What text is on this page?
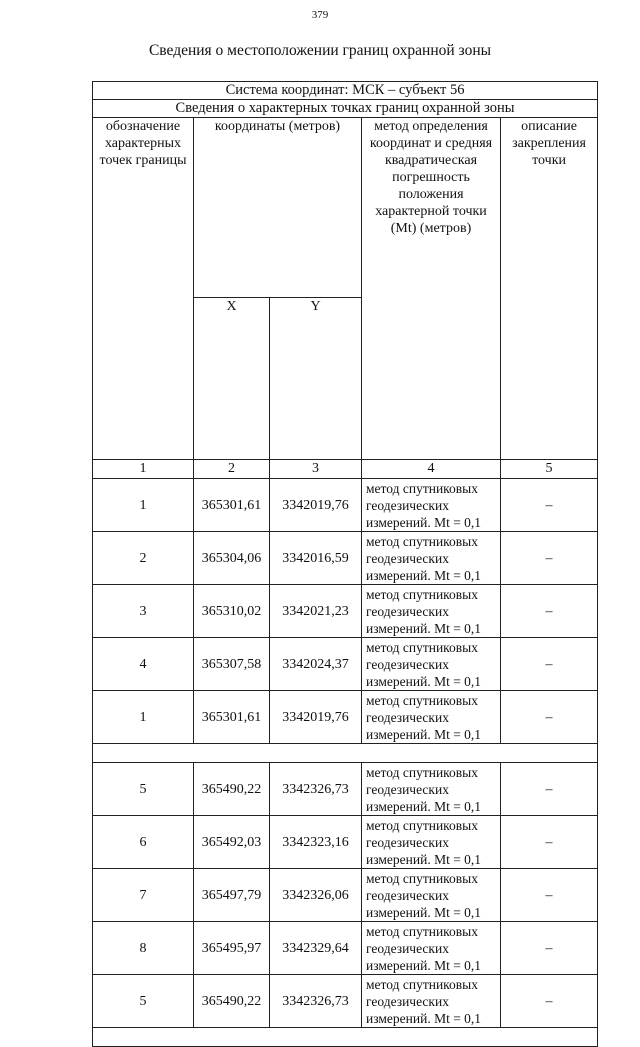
379
Сведения о местоположении границ охранной зоны
Система координат: МСК – субъект 56				
Сведения о характерных точках границ охранной зоны				
обозначение характерных точек границы	координаты (метров)		метод определения координат и средняя квадратическая погрешность положения характерной точки (Mt) (метров)	описание закрепления точки
	X	Y		
1	2	3	4	5
1	365301,61	3342019,76	метод спутниковых геодезических измерений. Mt = 0,1	–
2	365304,06	3342016,59	метод спутниковых геодезических измерений. Mt = 0,1	–
3	365310,02	3342021,23	метод спутниковых геодезических измерений. Mt = 0,1	–
4	365307,58	3342024,37	метод спутниковых геодезических измерений. Mt = 0,1	–
1	365301,61	3342019,76	метод спутниковых геодезических измерений. Mt = 0,1	–

5	365490,22	3342326,73	метод спутниковых геодезических измерений. Mt = 0,1	–
6	365492,03	3342323,16	метод спутниковых геодезических измерений. Mt = 0,1	–
7	365497,79	3342326,06	метод спутниковых геодезических измерений. Mt = 0,1	–
8	365495,97	3342329,64	метод спутниковых геодезических измерений. Mt = 0,1	–
5	365490,22	3342326,73	метод спутниковых геодезических измерений. Mt = 0,1	–
